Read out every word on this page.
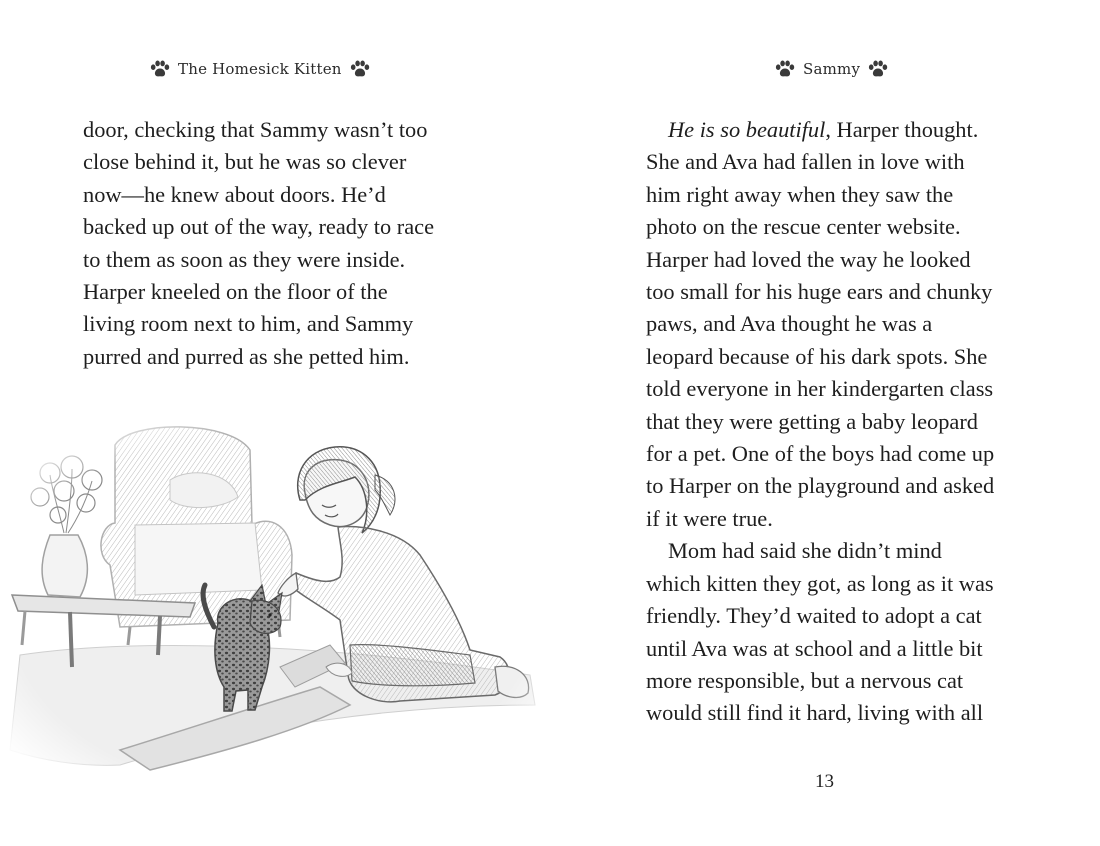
The Homesick Kitten
door, checking that Sammy wasn’t too
close behind it, but he was so clever
now—he knew about doors. He’d
backed up out of the way, ready to race
to them as soon as they were inside.
Harper kneeled on the floor of the
living room next to him, and Sammy
purred and purred as she petted him.
Sammy
He is so beautiful, Harper thought.
She and Ava had fallen in love with
him right away when they saw the
photo on the rescue center website.
Harper had loved the way he looked
too small for his huge ears and chunky
paws, and Ava thought he was a
leopard because of his dark spots. She
told everyone in her kindergarten class
that they were getting a baby leopard
for a pet. One of the boys had come up
to Harper on the playground and asked
if it were true.
Mom had said she didn’t mind
which kitten they got, as long as it was
friendly. They’d waited to adopt a cat
until Ava was at school and a little bit
more responsible, but a nervous cat
would still find it hard, living with all
13
